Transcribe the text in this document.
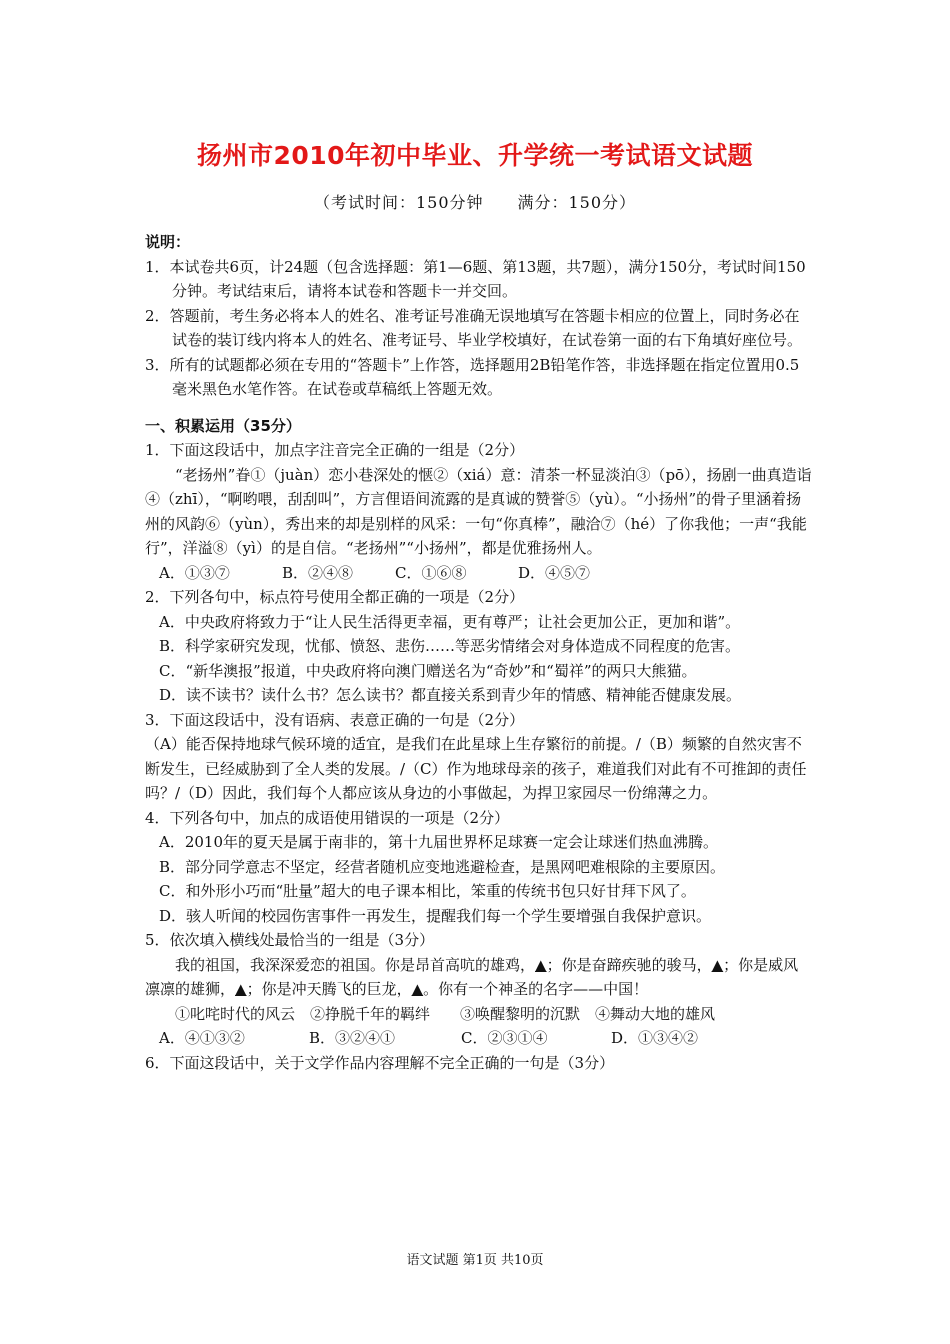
扬州市2010年初中毕业、升学统一考试语文试题
（考试时间：150分钟　　满分：150分）

说明：

1．本试卷共6页，计24题（包含选择题：第1—6题、第13题，共7题），满分150分，考试时间150分钟。考试结束后，请将本试卷和答题卡一并交回。

2．答题前，考生务必将本人的姓名、准考证号准确无误地填写在答题卡相应的位置上，同时务必在试卷的装订线内将本人的姓名、准考证号、毕业学校填好，在试卷第一面的右下角填好座位号。

3．所有的试题都必须在专用的“答题卡”上作答，选择题用2B铅笔作答，非选择题在指定位置用0.5毫米黑色水笔作答。在试卷或草稿纸上答题无效。

一、积累运用（35分）

1．下面这段话中，加点字注音完全正确的一组是（2分）

“老扬州”眷①（juàn）恋小巷深处的惬②（xiá）意：清茶一杯显淡泊③（pō），扬剧一曲真造诣④（zhī），“啊哟喂，刮刮叫”，方言俚语间流露的是真诚的赞誉⑤（yù）。“小扬州”的骨子里涵着扬州的风韵⑥（yùn），秀出来的却是别样的风采：一句“你真棒”，融洽⑦（hé）了你我他；一声“我能行”，洋溢⑧（yì）的是自信。“老扬州”“小扬州”，都是优雅扬州人。

A．①③⑦	B．②④⑧	C．①⑥⑧	D．④⑤⑦

2．下列各句中，标点符号使用全都正确的一项是（2分）

A．中央政府将致力于“让人民生活得更幸福，更有尊严；让社会更加公正，更加和谐”。

B．科学家研究发现，忧郁、愤怒、悲伤……等恶劣情绪会对身体造成不同程度的危害。

C．“新华澳报”报道，中央政府将向澳门赠送名为“奇妙”和“蜀祥”的两只大熊猫。

D．读不读书？读什么书？怎么读书？都直接关系到青少年的情感、精神能否健康发展。

3．下面这段话中，没有语病、表意正确的一句是（2分）

（A）能否保持地球气候环境的适宜，是我们在此星球上生存繁衍的前提。/（B）频繁的自然灾害不断发生，已经威胁到了全人类的发展。/（C）作为地球母亲的孩子，难道我们对此有不可推卸的责任吗？/（D）因此，我们每个人都应该从身边的小事做起，为捍卫家园尽一份绵薄之力。

4．下列各句中，加点的成语使用错误的一项是（2分）

A．2010年的夏天是属于南非的，第十九届世界杯足球赛一定会让球迷们热血沸腾。

B．部分同学意志不坚定，经营者随机应变地逃避检查，是黑网吧难根除的主要原因。

C．和外形小巧而“肚量”超大的电子课本相比，笨重的传统书包只好甘拜下风了。

D．骇人听闻的校园伤害事件一再发生，提醒我们每一个学生要增强自我保护意识。

5．依次填入横线处最恰当的一组是（3分）

我的祖国，我深深爱恋的祖国。你是昂首高吭的雄鸡，▲；你是奋蹄疾驰的骏马，▲；你是威风凛凛的雄狮，▲；你是冲天腾飞的巨龙，▲。你有一个神圣的名字——中国！

①叱咤时代的风云　②挣脱千年的羁绊　　③唤醒黎明的沉默　④舞动大地的雄风

A．④①③②	B．③②④①	C．②③①④	D．①③④②

6．下面这段话中，关于文学作品内容理解不完全正确的一句是（3分）

语文试题 第1页 共10页
